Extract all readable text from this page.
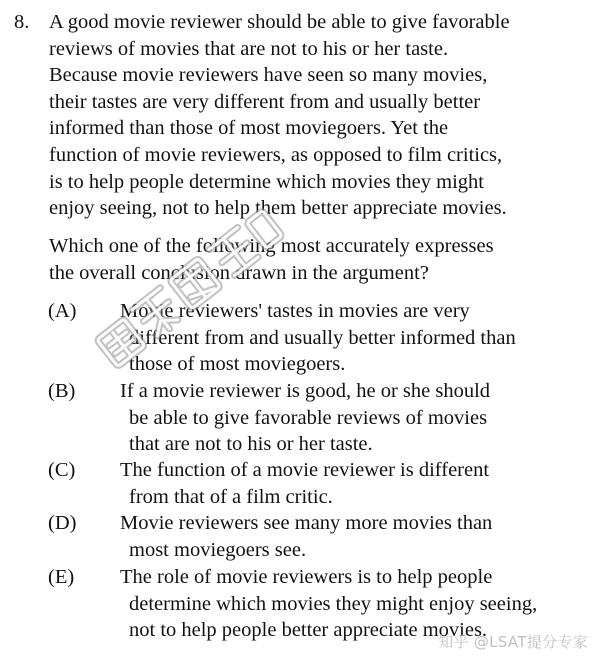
8. A good movie reviewer should be able to give favorable
reviews of movies that are not to his or her taste.
Because movie reviewers have seen so many movies,
their tastes are very different from and usually better
informed than those of most moviegoers. Yet the
function of movie reviewers, as opposed to film critics,
is to help people determine which movies they might
enjoy seeing, not to help them better appreciate movies.

Which one of the following most accurately expresses
the overall conclusion drawn in the argument?

(A) Movie reviewers' tastes in movies are very
different from and usually better informed than
those of most moviegoers.
(B) If a movie reviewer is good, he or she should
be able to give favorable reviews of movies
that are not to his or her taste.
(C) The function of a movie reviewer is different
from that of a film critic.
(D) Movie reviewers see many more movies than
most moviegoers see.
(E) The role of movie reviewers is to help people
determine which movies they might enjoy seeing,
not to help people better appreciate movies.
知乎 @LSAT提分专家
